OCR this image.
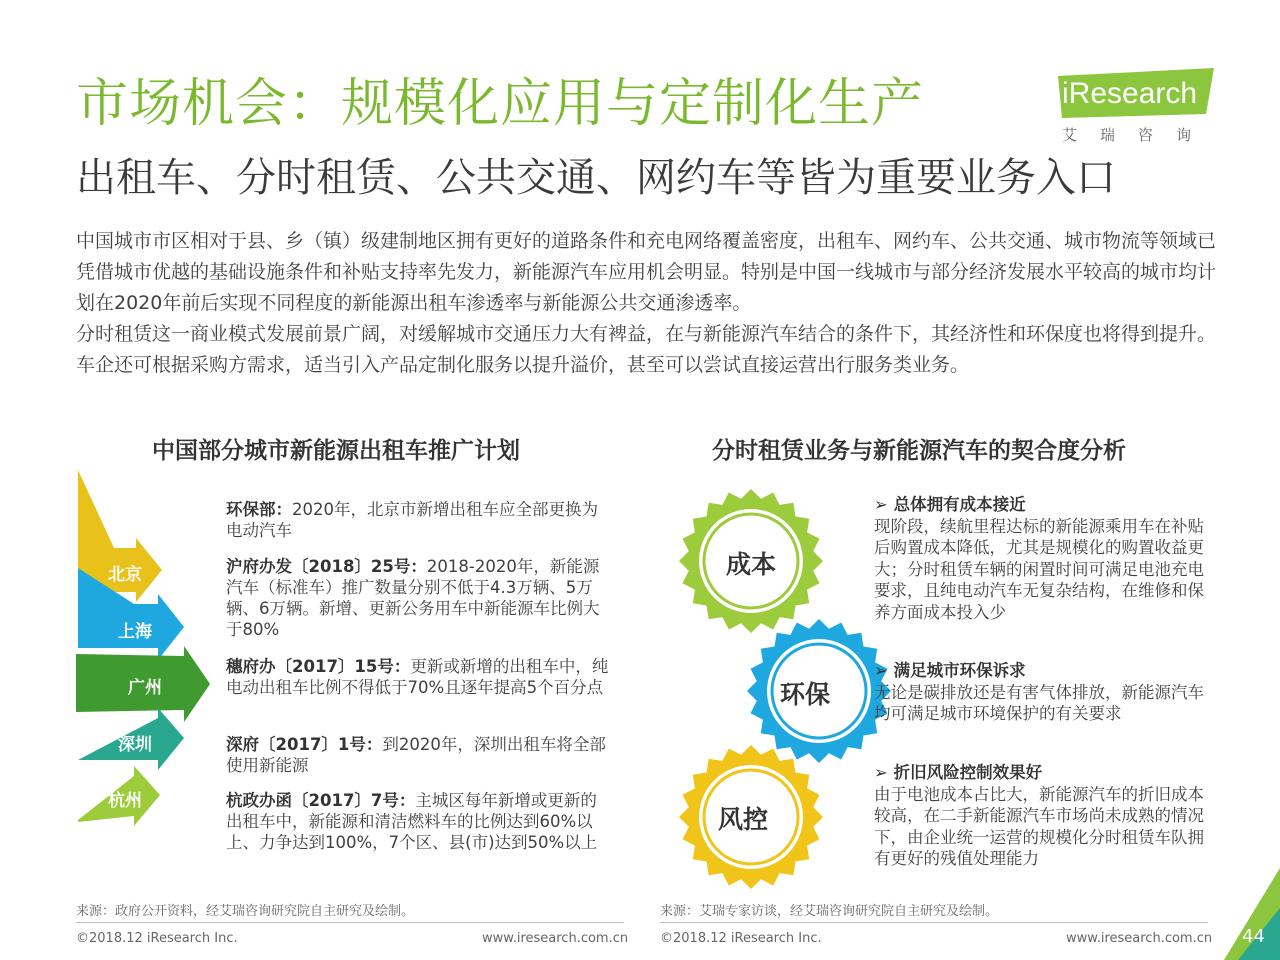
市场机会：规模化应用与定制化生产
出租车、分时租赁、公共交通、网约车等皆为重要业务入口
iResearch
艾瑞咨询

中国城市市区相对于县、乡（镇）级建制地区拥有更好的道路条件和充电网络覆盖密度，出租车、网约车、公共交通、城市物流等领域已凭借城市优越的基础设施条件和补贴支持率先发力，新能源汽车应用机会明显。特别是中国一线城市与部分经济发展水平较高的城市均计划在2020年前后实现不同程度的新能源出租车渗透率与新能源公共交通渗透率。

分时租赁这一商业模式发展前景广阔，对缓解城市交通压力大有裨益，在与新能源汽车结合的条件下，其经济性和环保度也将得到提升。

车企还可根据采购方需求，适当引入产品定制化服务以提升溢价，甚至可以尝试直接运营出行服务类业务。

中国部分城市新能源出租车推广计划	分时租赁业务与新能源汽车的契合度分析
北京
上海
广州
深圳
杭州
环保部：2020年，北京市新增出租车应全部更换为电动汽车
沪府办发〔2018〕25号：2018-2020年，新能源汽车（标准车）推广数量分别不低于4.3万辆、5万辆、6万辆。新增、更新公务用车中新能源车比例大于80%
穗府办〔2017〕15号：更新或新增的出租车中，纯电动出租车比例不得低于70%且逐年提高5个百分点
深府〔2017〕1号：到2020年，深圳出租车将全部使用新能源
杭政办函〔2017〕7号：主城区每年新增或更新的出租车中，新能源和清洁燃料车的比例达到60%以上、力争达到100%，7个区、县(市)达到50%以上
成本
环保
风控
➢ 总体拥有成本接近
现阶段，续航里程达标的新能源乘用车在补贴后购置成本降低，尤其是规模化的购置收益更大；分时租赁车辆的闲置时间可满足电池充电要求，且纯电动汽车无复杂结构，在维修和保养方面成本投入少
➢ 满足城市环保诉求
无论是碳排放还是有害气体排放，新能源汽车均可满足城市环境保护的有关要求
➢ 折旧风险控制效果好
由于电池成本占比大，新能源汽车的折旧成本较高，在二手新能源汽车市场尚未成熟的情况下，由企业统一运营的规模化分时租赁车队拥有更好的残值处理能力
来源：政府公开资料，经艾瑞咨询研究院自主研究及绘制。	来源：艾瑞专家访谈，经艾瑞咨询研究院自主研究及绘制。
©2018.12 iResearch Inc.	www.iresearch.com.cn ©2018.12 iResearch Inc.	www.iresearch.com.cn 44
